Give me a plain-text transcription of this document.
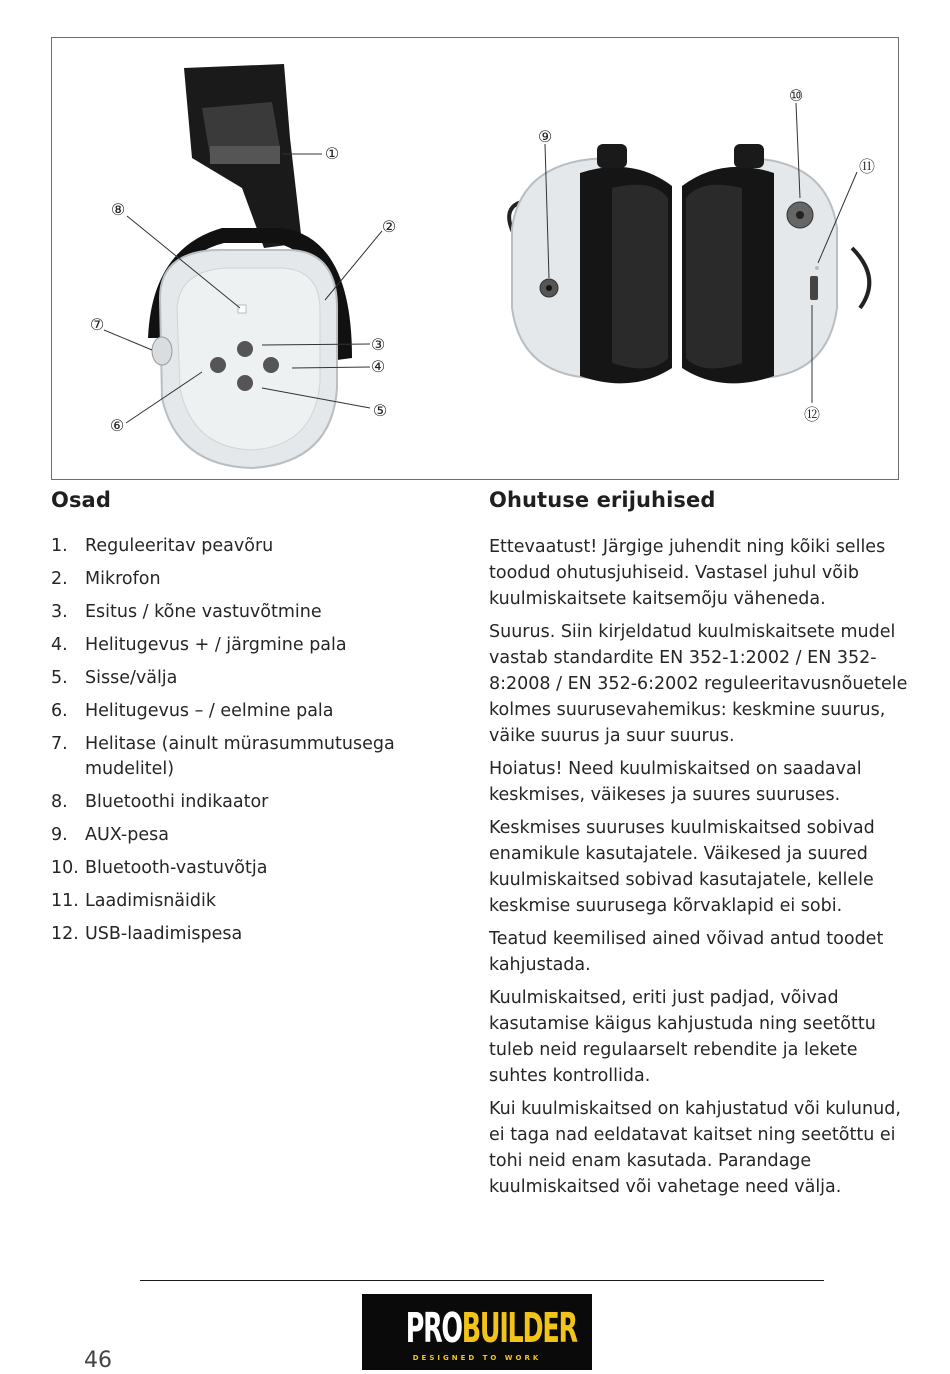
①
②
③
④
⑤
⑥
⑦
⑧
⑨
⑩
⑪
⑫
Osad
1. Reguleeritav peavõru
2. Mikrofon
3. Esitus / kõne vastuvõtmine
4. Helitugevus + / järgmine pala
5. Sisse/välja
6. Helitugevus – / eelmine pala
7. Helitase (ainult mürasummutusega mudelitel)
8. Bluetoothi indikaator
9. AUX-pesa
10. Bluetooth-vastuvõtja
11. Laadimisnäidik
12. USB-laadimispesa
Ohutuse erijuhised

Ettevaatust! Järgige juhendit ning kõiki selles toodud ohutusjuhiseid. Vastasel juhul võib kuulmiskaitsete kaitsemõju väheneda.

Suurus. Siin kirjeldatud kuulmiskaitsete mudel vastab standardite EN 352-1:2002 / EN 352-8:2008 / EN 352-6:2002 reguleeritavusnõuetele kolmes suurusevahemikus: keskmine suurus, väike suurus ja suur suurus.

Hoiatus! Need kuulmiskaitsed on saadaval keskmises, väikeses ja suures suuruses.

Keskmises suuruses kuulmiskaitsed sobivad enamikule kasutajatele. Väikesed ja suured kuulmiskaitsed sobivad kasutajatele, kellele keskmise suurusega kõrvaklapid ei sobi.

Teatud keemilised ained võivad antud toodet kahjustada.

Kuulmiskaitsed, eriti just padjad, võivad kasutamise käigus kahjustuda ning seetõttu tuleb neid regulaarselt rebendite ja lekete suhtes kontrollida.

Kui kuulmiskaitsed on kahjustatud või kulunud, ei taga nad eeldatavat kaitset ning seetõttu ei tohi neid enam kasutada. Parandage kuulmiskaitsed või vahetage need välja.

PROBUILDER
DESIGNED TO WORK
46
